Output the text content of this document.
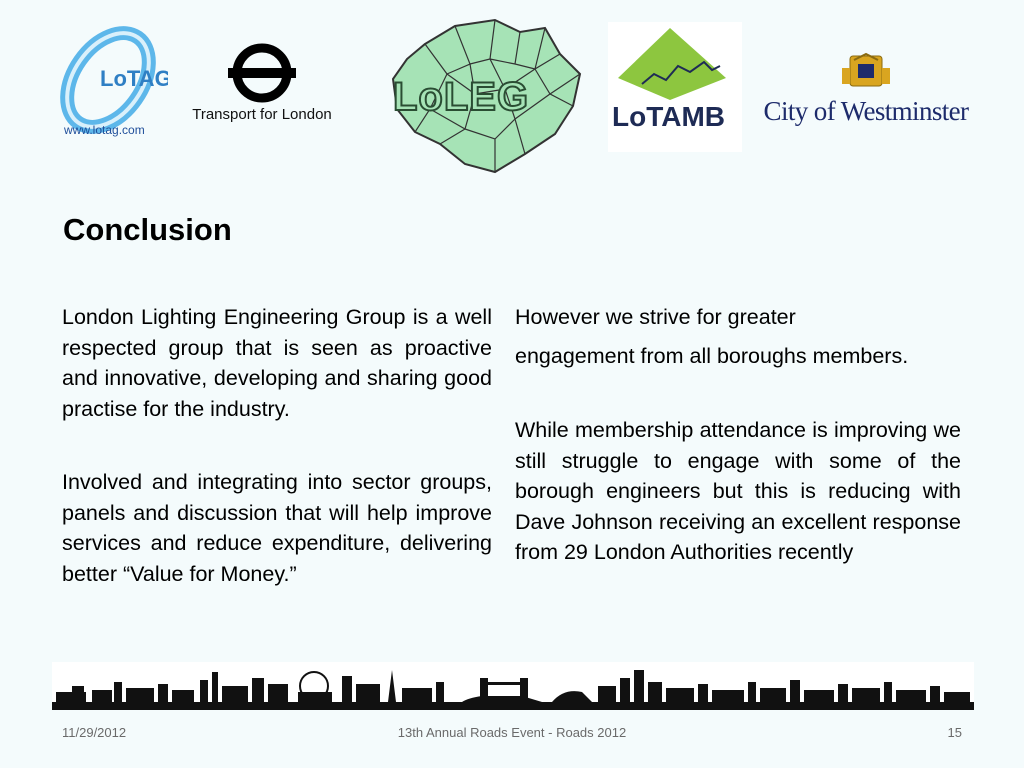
LoTAG
www.lotag.com
Transport for London	LoLEG	LoTAMB City of Westminster
Conclusion

London Lighting Engineering Group is a well respected group that is seen as proactive and innovative, developing and sharing good practise for the industry.

Involved and integrating into sector groups, panels and discussion that will help improve services and reduce expenditure, delivering better “Value for Money.”

However we strive for greater

engagement from all boroughs members.

While membership attendance is improving we still struggle to engage with some of the borough engineers but this is reducing with Dave Johnson receiving an excellent response from 29 London Authorities recently

11/29/2012	13th Annual Roads Event - Roads 2012	15
